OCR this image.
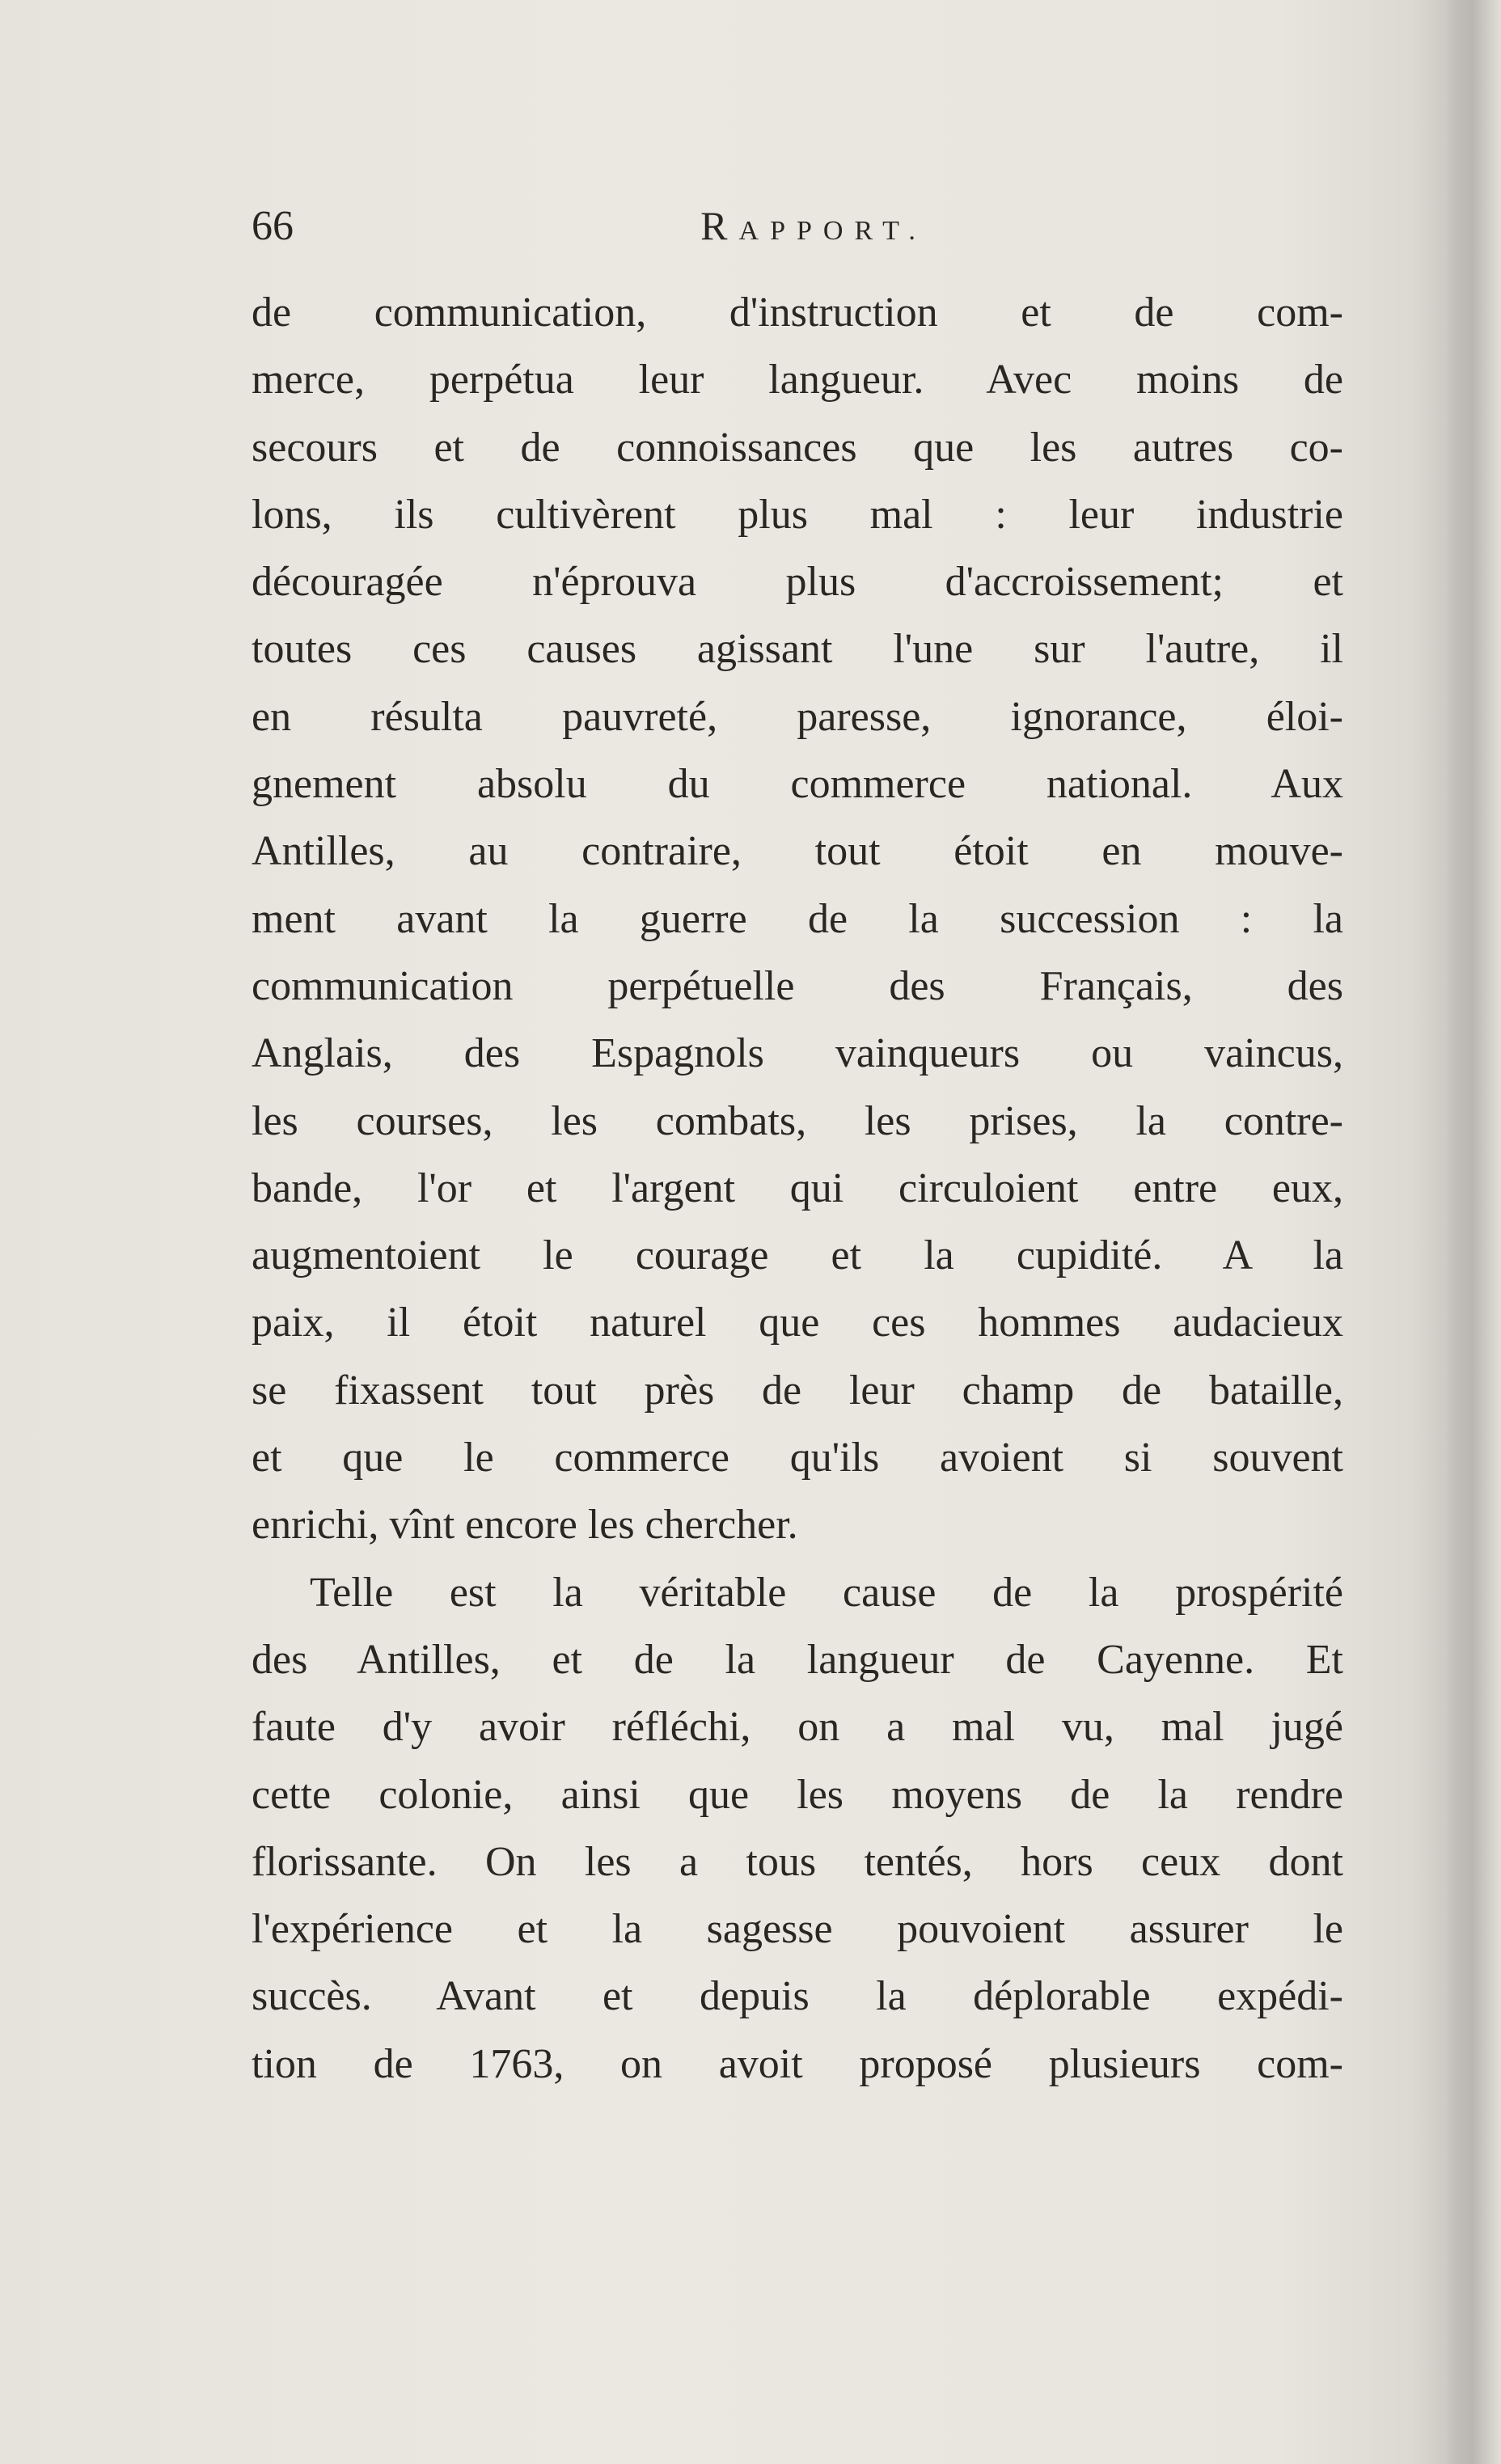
66	RAPPORT.
de communication, d'instruction et de com-
merce, perpétua leur langueur. Avec moins de
secours et de connoissances que les autres co-
lons, ils cultivèrent plus mal : leur industrie
découragée n'éprouva plus d'accroissement; et
toutes ces causes agissant l'une sur l'autre, il
en résulta pauvreté, paresse, ignorance, éloi-
gnement absolu du commerce national. Aux
Antilles, au contraire, tout étoit en mouve-
ment avant la guerre de la succession : la
communication perpétuelle des Français, des
Anglais, des Espagnols vainqueurs ou vaincus,
les courses, les combats, les prises, la contre-
bande, l'or et l'argent qui circuloient entre eux,
augmentoient le courage et la cupidité. A la
paix, il étoit naturel que ces hommes audacieux
se fixassent tout près de leur champ de bataille,
et que le commerce qu'ils avoient si souvent
enrichi, vînt encore les chercher.
Telle est la véritable cause de la prospérité
des Antilles, et de la langueur de Cayenne. Et
faute d'y avoir réfléchi, on a mal vu, mal jugé
cette colonie, ainsi que les moyens de la rendre
florissante. On les a tous tentés, hors ceux dont
l'expérience et la sagesse pouvoient assurer le
succès. Avant et depuis la déplorable expédi-
tion de 1763, on avoit proposé plusieurs com-
